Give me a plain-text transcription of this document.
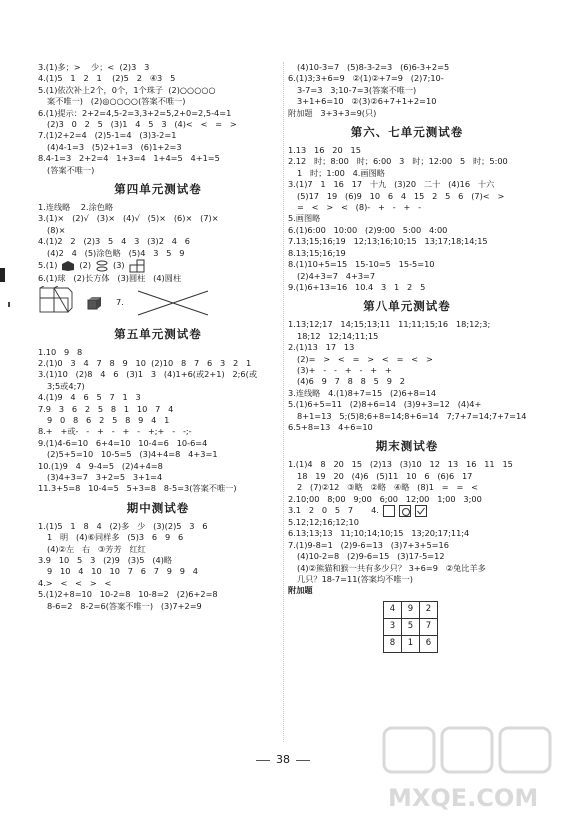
3.(1)多；>    少；<  (2)3   3
4.(1)5   1   2   1    (2)5   2   ④3   5
5.(1)依次补上2个，0个，1个珠子  (2)○○○○○
案不唯一)   (2)◎○○○○(答案不唯一)
6.(1)提示：2+2=4,5-2=3,3+2=5,2+0=2,5-4=1
(2)3   0   2   5   (3)1   4   5   3   (4)<   <   =   >
7.(1)2+2=4   (2)5-1=4   (3)3-2=1
(4)4-1=3   (5)2+1=3   (6)1+2=3
8.4-1=3   2+2=4   1+3=4   1+4=5   4+1=5
(答案不唯一)
第四单元测试卷
1.连线略    2.涂色略
3.(1)×   (2)√   (3)×   (4)√   (5)×   (6)×   (7)×
(8)×
4.(1)2   2   (2)3   5   4   3   (3)2   4   6
(4)2   4   (5)涂色略   (5)4   3   5   9
5.(1)	(2)	(3)
6.(1)球   (2)长方体   (3)圆柱   (4)圆柱
7.
第五单元测试卷
1.10   9   8
2.(1)0   3   4   7   8   9   10  (2)10   8   7   6   3   2   1
3.(1)10   (2)8   4   6   (3)1   3   (4)1+6(或2+1)   2;6(或
3;5或4;7)
4.(1)9   4   6   5   7   1   3
7.9   3   6   2   5   8   1   10   7   4
9   0   8   6   2   5   8   9   4   1
8.+   +或-   -   +   -   +   -   +;+   -   -;-
9.(1)4-6=10   6+4=10   10-4=6   10-6=4
(2)5+5=10   10-5=5   (3)4+4=8   4+3=1
10.(1)9   4   9-4=5   (2)4+4=8
(3)4+3=7   3+2=5   3+1=4
11.3+5=8   10-4=5   5+3=8   8-5=3(答案不唯一)
期中测试卷
1.(1)5   1   8   4   (2)多   少   (3)(2)5   3   6
1   明   (4)⑥同样多   (5)3   6   9   6
(4)②左   右   ③芳芳   红红
3.9   10   5   3   (2)9   (3)5   (4)略
9   10   4   10   10   7   6   7   9   9   4
4.>   <   <   >   <
5.(1)2+8=10   10-2=8   10-8=2   (2)6+2=8
8-6=2   8-2=6(答案不唯一)   (3)7+2=9
(4)10-3=7   (5)8-3-2=3   (6)6-3+2=5
6.(1)3;3+6=9   ②(1)②+7=9   (2)7;10-
3-7=3   3;10-7=3(答案不唯一)
3+1+6=10   ②(3)②6+7+1+2=10
附加题   3+3+3=9(只)
第六、七单元测试卷
1.13   16   20   15
2.12   时；8:00   时；6:00   3   时；12:00   5   时；5:00
1   时；1:00   4.画图略
3.(1)7   1   16   17   十九   (3)20   二十   (4)16   十六
(5)17   19   (6)9   10   6   4   15   2   5   6   (7)<   >
=   <   >   <   (8)-   +   -   +   -
5.画图略
6.(1)6:00   10:00   (2)9:00   5:00   4:00
7.13;15;16;19   12;13;16;10;15   13;17;18;14;15
8.13;15;16;19
8.(1)10+5=15   15-10=5   15-5=10
(2)4+3=7   4+3=7
9.(1)6+13=16   10.4   3   1   2   5
第八单元测试卷
1.13;12;17   14;15;13;11   11;11;15;16   18;12;3;
18;12   12;14;11;15
2.(1)13   17   13
(2)=   >   <   =   >   <   =   <   >
(3)+   -   -   +   -   +   +
(4)6   9   7   8   8   5   9   2
3.连线略   4.(1)8+7=15   (2)6+8=14
5.(1)6+5=11   (2)8+6=14   (3)9+3=12   (4)4+
8+1=13   5;(5)8;6+8=14;8+6=14   7;7+7=14;7+7=14
6.5+8=13   4+6=10
期末测试卷
1.(1)4   8   20   15   (2)13   (3)10   12   13   16   11   15
18   19   20   (4)6   (5)11   10   6   (6)6   17
2   (7)②12   ③略   ②略   ④略   (8)1   =   =   <
2.10;00   8;00   9;00   6;00   12;00   1;00   3;00
3.1   2   0   5   7 4.
5.12;12;16;12;10
6.13;13;13   11;10;14;10;15   13;20;17;11;4
7.(1)9-8=1   (2)9-6=13   (3)7+3+5=16
(4)10-2=8   (2)9-6=15   (3)17-5=12
(4)②熊猫和猴一共有多少只？ 3+6=9   ②兔比羊多
几只？18-7=11(答案均不唯一)
附加题
4	9	2
3	5	7
8	1	6
38
MXQE.COM
